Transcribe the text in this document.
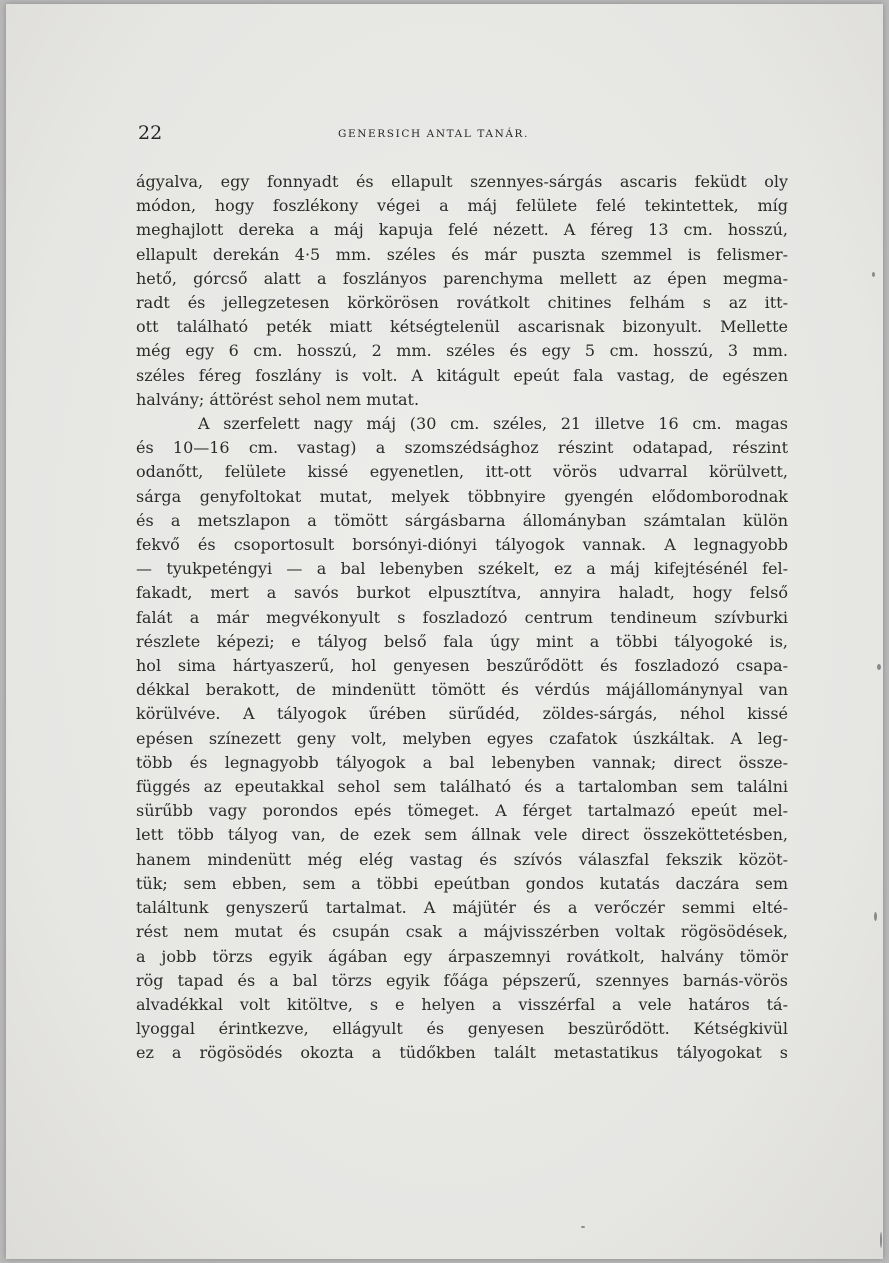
22	GENERSICH ANTAL TANÁR.
ágyalva, egy fonnyadt és ellapult szennyes-sárgás ascaris feküdt oly
módon, hogy foszlékony végei a máj felülete felé tekintettek, míg
meghajlott dereka a máj kapuja felé nézett. A féreg 13 cm. hosszú,
ellapult derekán 4·5 mm. széles és már puszta szemmel is felismer-
hető, górcső alatt a foszlányos parenchyma mellett az épen megma-
radt és jellegzetesen körkörösen rovátkolt chitines felhám s az itt-
ott található peték miatt kétségtelenül ascarisnak bizonyult. Mellette
még egy 6 cm. hosszú, 2 mm. széles és egy 5 cm. hosszú, 3 mm.
széles féreg foszlány is volt. A kitágult epeút fala vastag, de egészen
halvány; áttörést sehol nem mutat.
A szerfelett nagy máj (30 cm. széles, 21 illetve 16 cm. magas
és 10—16 cm. vastag) a szomszédsághoz részint odatapad, részint
odanőtt, felülete kissé egyenetlen, itt-ott vörös udvarral körülvett,
sárga genyfoltokat mutat, melyek többnyire gyengén elődomborodnak
és a metszlapon a tömött sárgásbarna állományban számtalan külön
fekvő és csoportosult borsónyi-diónyi tályogok vannak. A legnagyobb
— tyukpeténgyi — a bal lebenyben székelt, ez a máj kifejtésénél fel-
fakadt, mert a savós burkot elpusztítva, annyira haladt, hogy felső
falát a már megvékonyult s foszladozó centrum tendineum szívburki
részlete képezi; e tályog belső fala úgy mint a többi tályogoké is,
hol sima hártyaszerű, hol genyesen beszűrődött és foszladozó csapa-
dékkal berakott, de mindenütt tömött és vérdús májállománynyal van
körülvéve. A tályogok űrében sürűdéd, zöldes-sárgás, néhol kissé
epésen színezett geny volt, melyben egyes czafatok úszkáltak. A leg-
több és legnagyobb tályogok a bal lebenyben vannak; direct össze-
függés az epeutakkal sehol sem található és a tartalomban sem találni
sürűbb vagy porondos epés tömeget. A férget tartalmazó epeút mel-
lett több tályog van, de ezek sem állnak vele direct összeköttetésben,
hanem mindenütt még elég vastag és szívós válaszfal fekszik közöt-
tük; sem ebben, sem a többi epeútban gondos kutatás daczára sem
találtunk genyszerű tartalmat. A májütér és a verőczér semmi elté-
rést nem mutat és csupán csak a májvisszérben voltak rögösödések,
a jobb törzs egyik ágában egy árpaszemnyi rovátkolt, halvány tömör
rög tapad és a bal törzs egyik főága pépszerű, szennyes barnás-vörös
alvadékkal volt kitöltve, s e helyen a visszérfal a vele határos tá-
lyoggal érintkezve, ellágyult és genyesen beszürődött. Kétségkivül
ez a rögösödés okozta a tüdőkben talált metastatikus tályogokat s
